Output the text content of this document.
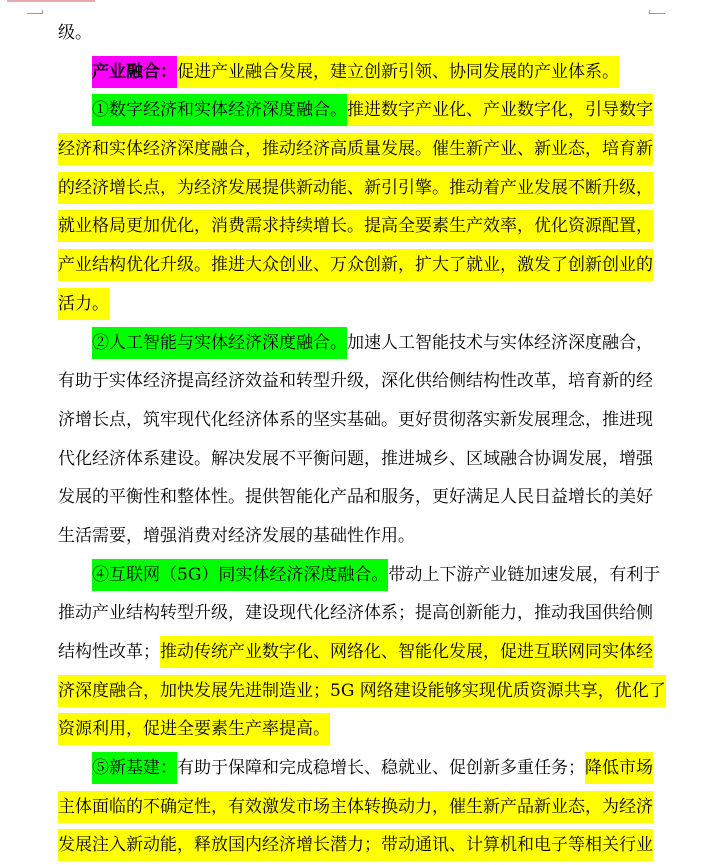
级。
产业融合：促进产业融合发展，建立创新引领、协同发展的产业体系。
①数字经济和实体经济深度融合。推进数字产业化、产业数字化，引导数字
经济和实体经济深度融合，推动经济高质量发展。催生新产业、新业态，培育新
的经济增长点，为经济发展提供新动能、新引引擎。推动着产业发展不断升级，
就业格局更加优化，消费需求持续增长。提高全要素生产效率，优化资源配置，
产业结构优化升级。推进大众创业、万众创新，扩大了就业，激发了创新创业的
活力。
②人工智能与实体经济深度融合。加速人工智能技术与实体经济深度融合，
有助于实体经济提高经济效益和转型升级，深化供给侧结构性改革，培育新的经
济增长点，筑牢现代化经济体系的坚实基础。更好贯彻落实新发展理念，推进现
代化经济体系建设。解决发展不平衡问题，推进城乡、区域融合协调发展，增强
发展的平衡性和整体性。提供智能化产品和服务，更好满足人民日益增长的美好
生活需要，增强消费对经济发展的基础性作用。
④互联网（5G）同实体经济深度融合。带动上下游产业链加速发展，有利于
推动产业结构转型升级，建设现代化经济体系；提高创新能力，推动我国供给侧
结构性改革；推动传统产业数字化、网络化、智能化发展，促进互联网同实体经
济深度融合，加快发展先进制造业；5G 网络建设能够实现优质资源共享，优化了
资源利用，促进全要素生产率提高。
⑤新基建：有助于保障和完成稳增长、稳就业、促创新多重任务；降低市场
主体面临的不确定性，有效激发市场主体转换动力，催生新产品新业态，为经济
发展注入新动能，释放国内经济增长潜力；带动通讯、计算机和电子等相关行业
